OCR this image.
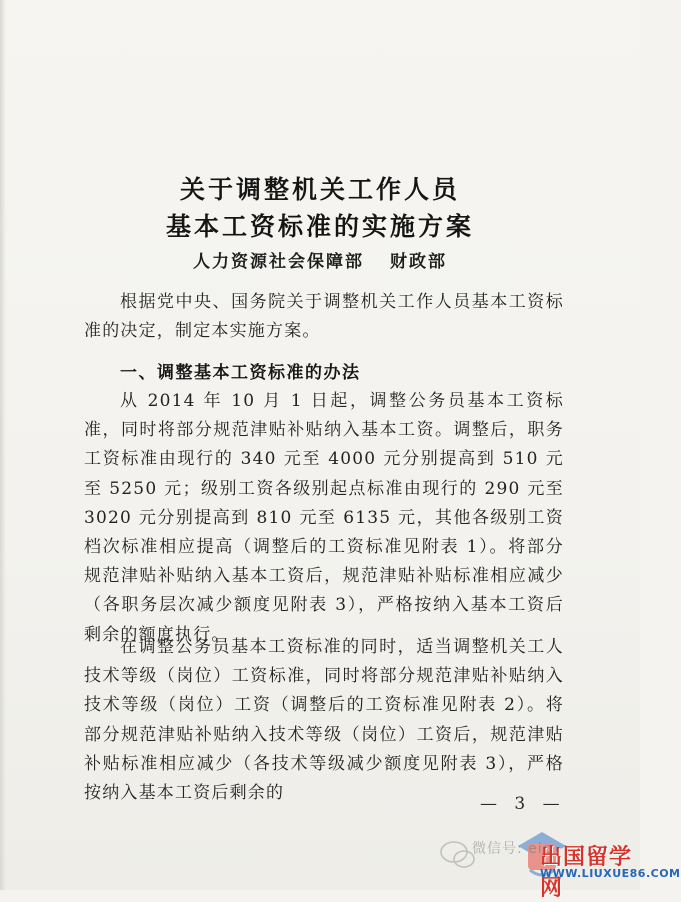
关于调整机关工作人员
基本工资标准的实施方案
人力资源社会保障部 财政部

根据党中央、国务院关于调整机关工作人员基本工资标准的决定，制定本实施方案。

一、调整基本工资标准的办法

从 2014 年 10 月 1 日起，调整公务员基本工资标准，同时将部分规范津贴补贴纳入基本工资。调整后，职务工资标准由现行的 340 元至 4000 元分别提高到 510 元至 5250 元；级别工资各级别起点标准由现行的 290 元至 3020 元分别提高到 810 元至 6135 元，其他各级别工资档次标准相应提高（调整后的工资标准见附表 1）。将部分规范津贴补贴纳入基本工资后，规范津贴补贴标准相应减少（各职务层次减少额度见附表 3），严格按纳入基本工资后剩余的额度执行。

在调整公务员基本工资标准的同时，适当调整机关工人技术等级（岗位）工资标准，同时将部分规范津贴补贴纳入技术等级（岗位）工资（调整后的工资标准见附表 2）。将部分规范津贴补贴纳入技术等级（岗位）工资后，规范津贴补贴标准相应减少（各技术等级减少额度见附表 3），严格按纳入基本工资后剩余的

— 3 —
微信号: eic
出国留学网
WWW.LIUXUE86.COM
